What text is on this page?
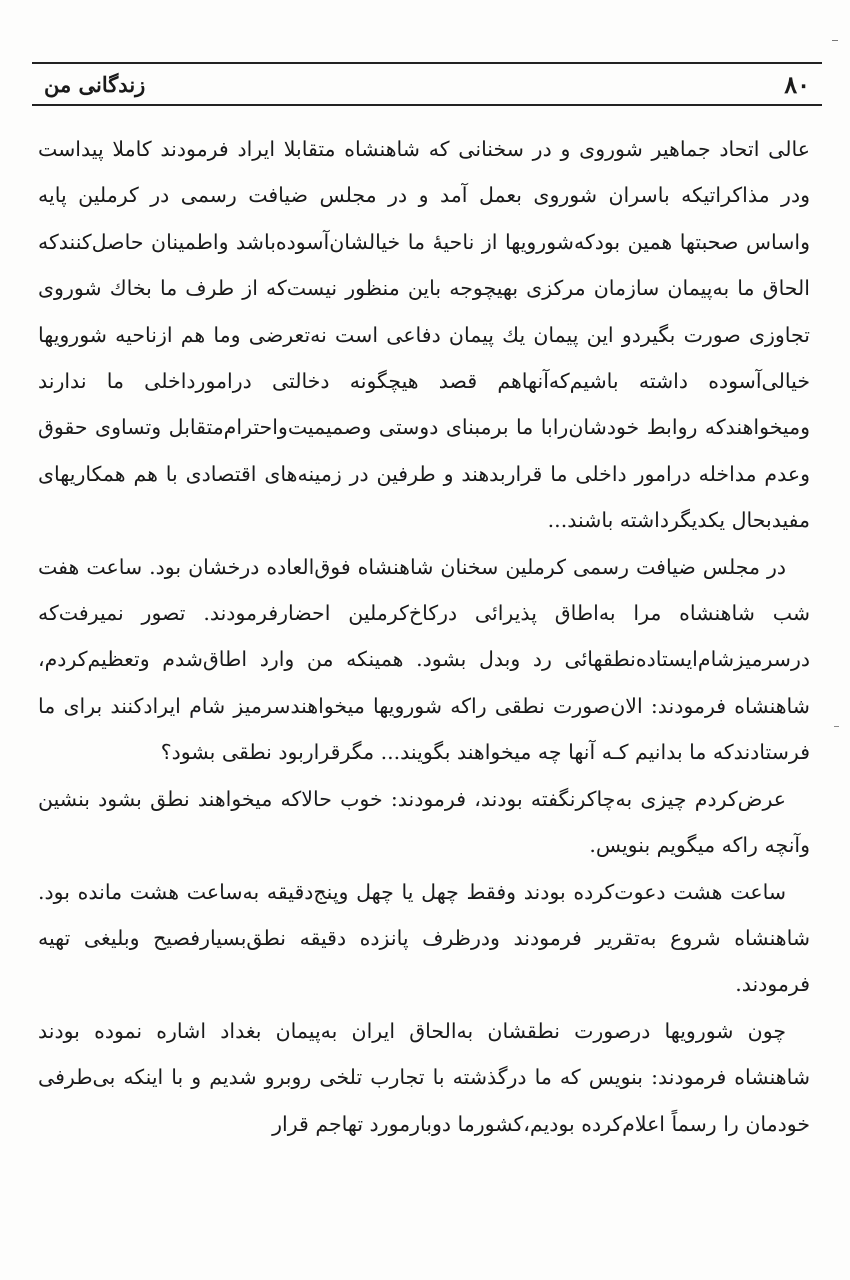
۸۰
زندگانی من

عالی اتحاد جماهیر شوروی و در سخنانی که شاهنشاه متقابلا ایراد فرمودند کاملا پیداست ودر مذاکراتیکه باسران شوروی بعمل آمد و در مجلس ضیافت رسمی در کرملین پایه واساس صحبتها همین بودکه‌شورویها از ناحیهٔ ما خیالشان‌آسوده‌باشد واطمینان حاصل‌کنندکه الحاق ما به‌پیمان سازمان مرکزی بهیچوجه باین منظور نیست‌که از طرف ما بخاك شوروی تجاوزی صورت بگیردو این پیمان یك پیمان دفاعی است نه‌تعرضی وما هم ازناحیه شورویها خیالی‌آسوده داشته باشیم‌که‌آنهاهم قصد هیچگونه دخالتی درامورداخلی ما ندارند ومیخواهندکه روابط خودشان‌را‌با ما برمبنای دوستی وصمیمیت‌واحترام‌متقابل وتساوی حقوق وعدم مداخله درامور داخلی ما قراربدهند و طرفین در زمینه‌های اقتصادی با هم همکاریهای مفیدبحال یکدیگرداشته باشند...

در مجلس ضیافت رسمی کرملین سخنان شاهنشاه فوق‌العاده درخشان بود. ساعت هفت شب شاهنشاه مرا به‌اطاق پذیرائی درکاخ‌کرملین احضارفرمودند. تصور نمیرفت‌که درسرمیز‌شام‌ایستاده‌نطقهائی رد وبدل بشود. همینکه من وارد اطاق‌شدم وتعظیم‌کردم، شاهنشاه فرمودند: الان‌صورت نطقی راکه شورویها میخواهندسرمیز شام ایرادکنند برای ما فرستادندکه ما بدانیم کـه آنها چه میخواهند بگویند... مگرقراربود نطقی بشود؟

عرض‌کردم چیزی به‌چاکرنگفته بودند، فرمودند: خوب حالاکه میخواهند نطق بشود بنشین وآنچه راکه میگویم بنویس.

ساعت هشت دعوت‌کرده بودند وفقط چهل یا چهل وپنج‌دقیقه به‌ساعت هشت مانده بود. شاهنشاه شروع به‌تقریر فرمودند ودرظرف پانزده دقیقه نطق‌بسیارفصیح وبلیغی تهیه فرمودند.

چون شورویها درصورت نطقشان به‌الحاق ایران به‌پیمان بغداد اشاره نموده بودند شاهنشاه فرمودند: بنویس که ما درگذشته با تجارب تلخی روبرو شدیم و با اینکه بی‌طرفی خودمان را رسماً اعلام‌کرده بودیم،کشورما دوبارمورد تهاجم قرار
